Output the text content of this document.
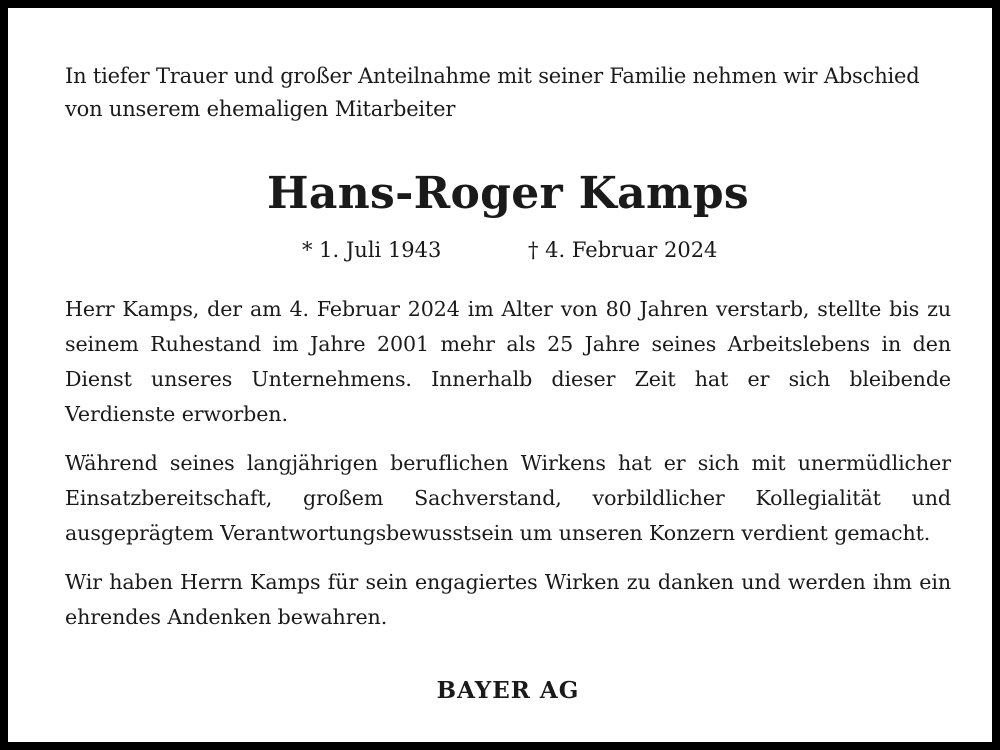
In tiefer Trauer und großer Anteilnahme mit seiner Familie nehmen wir Abschied von unserem ehemaligen Mitarbeiter

Hans-Roger Kamps
* 1. Juli 1943	† 4. Februar 2024

Herr Kamps, der am 4. Februar 2024 im Alter von 80 Jahren verstarb, stellte bis zu seinem Ruhestand im Jahre 2001 mehr als 25 Jahre seines Arbeitslebens in den Dienst unseres Unternehmens. Innerhalb dieser Zeit hat er sich bleibende Verdienste erworben.

Während seines langjährigen beruflichen Wirkens hat er sich mit unermüdlicher Einsatzbereitschaft, großem Sachverstand, vorbildlicher Kollegialität und ausgeprägtem Verantwortungsbewusstsein um unseren Konzern verdient gemacht.

Wir haben Herrn Kamps für sein engagiertes Wirken zu danken und werden ihm ein ehrendes Andenken bewahren.

BAYER AG
